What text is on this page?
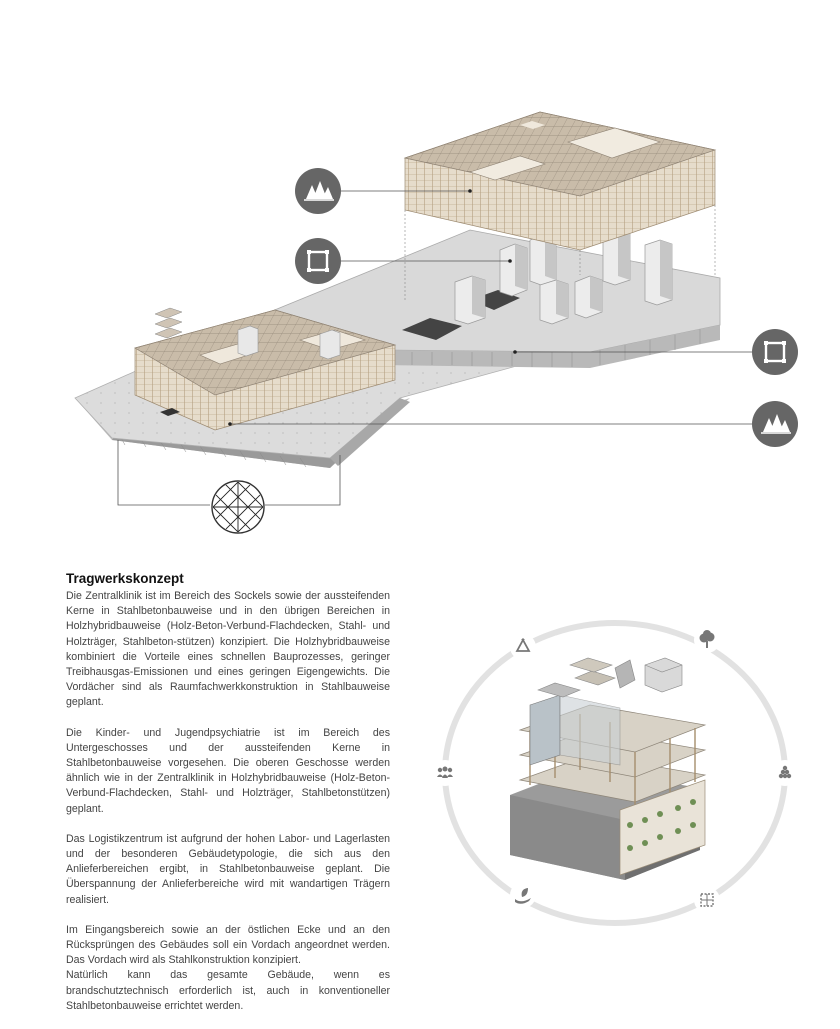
Tragwerkskonzept

Die Zentralklinik ist im Bereich des Sockels sowie der aussteifenden Kerne in Stahlbetonbauweise und in den übrigen Bereichen in Holzhybridbauweise (Holz-Beton-Verbund-Flachdecken, Stahl- und Holzträger, Stahlbeton-stützen) konzipiert. Die Holzhybridbauweise kombiniert die Vorteile eines schnellen Bauprozesses, geringer Treibhausgas-Emissionen und eines geringen Eigengewichts. Die Vordächer sind als Raumfachwerkkonstruktion in Stahlbauweise geplant.

Die Kinder- und Jugendpsychiatrie ist im Bereich des Untergeschosses und der aussteifenden Kerne in Stahlbetonbauweise vorgesehen. Die oberen Geschosse werden ähnlich wie in der Zentralklinik in Holzhybridbauweise (Holz-Beton-Verbund-Flachdecken, Stahl- und Holzträger, Stahlbetonstützen) geplant.

Das Logistikzentrum ist aufgrund der hohen Labor- und Lagerlasten und der besonderen Gebäudetypologie, die sich aus den Anlieferbereichen ergibt, in Stahlbetonbauweise geplant. Die Überspannung der Anlieferbereiche wird mit wandartigen Trägern realisiert.

Im Eingangsbereich sowie an der östlichen Ecke und an den Rücksprüngen des Gebäudes soll ein Vordach angeordnet werden. Das Vordach wird als Stahlkonstruktion konzipiert.
Natürlich kann das gesamte Gebäude, wenn es brandschutztechnisch erforderlich ist, auch in konventioneller Stahlbetonbauweise errichtet werden.
